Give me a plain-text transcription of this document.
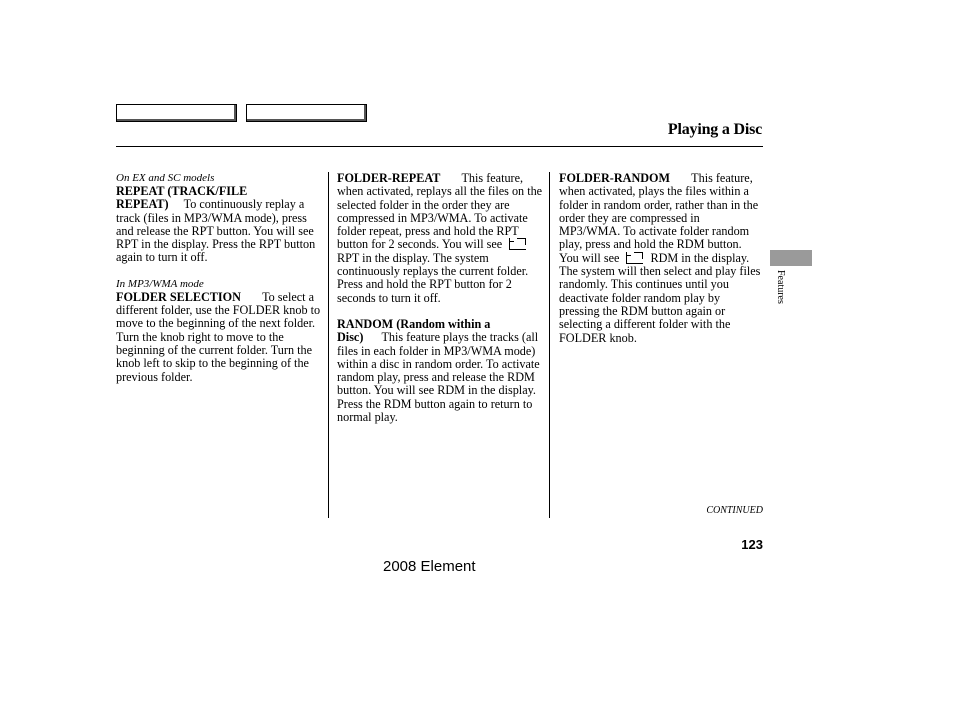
Playing a Disc

On EX and SC models

REPEAT (TRACK/FILE
REPEAT) To continuously replay a track (files in MP3/WMA mode), press and release the RPT button. You will see RPT in the display. Press the RPT button again to turn it off.

In MP3/WMA mode

FOLDER SELECTION To select a different folder, use the FOLDER knob to move to the beginning of the next folder. Turn the knob right to move to the beginning of the current folder. Turn the knob left to skip to the beginning of the previous folder.

FOLDER-REPEAT This feature, when activated, replays all the files on the selected folder in the order they are compressed in MP3/WMA. To activate folder repeat, press and hold the RPT button for 2 seconds. You will see  RPT in the display. The system continuously replays the current folder. Press and hold the RPT button for 2 seconds to turn it off.

RANDOM (Random within a
Disc) This feature plays the tracks (all files in each folder in MP3/WMA mode) within a disc in random order. To activate random play, press and release the RDM button. You will see RDM in the display. Press the RDM button again to return to normal play.

FOLDER-RANDOM This feature, when activated, plays the files within a folder in random order, rather than in the order they are compressed in MP3/WMA. To activate folder random play, press and hold the RDM button. You will see	RDM in the display. The system will then select and play files randomly. This continues until you deactivate folder random play by pressing the RDM button again or selecting a different folder with the FOLDER knob.

Features
CONTINUED
123
2008 Element
